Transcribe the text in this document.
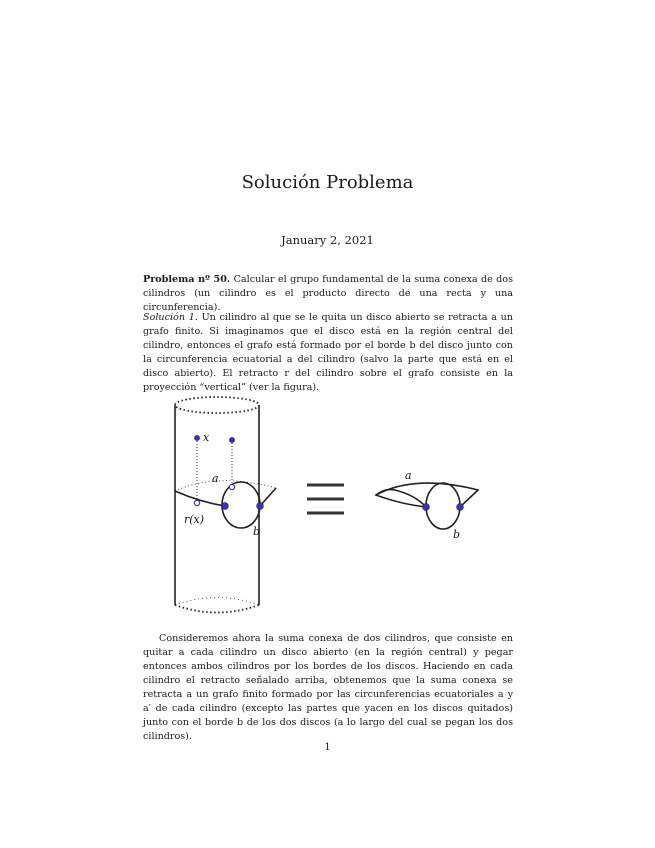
Solución Problema
January 2, 2021
Problema nº 50. Calcular el grupo fundamental de la suma conexa de dos cilindros (un cilindro es el producto directo de una recta y una circunferencia).
Solución 1. Un cilindro al que se le quita un disco abierto se retracta a un grafo finito. Si imaginamos que el disco está en la región central del cilindro, entonces el grafo está formado por el borde b del disco junto con la circunferencia ecuatorial a del cilindro (salvo la parte que está en el disco abierto). El retracto r del cilindro sobre el grafo consiste en la proyección “vertical” (ver la figura).
x
a
r(x)
b
a
b
Consideremos ahora la suma conexa de dos cilindros, que consiste en quitar a cada cilindro un disco abierto (en la región central) y pegar entonces ambos cilindros por los bordes de los discos. Haciendo en cada cilindro el retracto señalado arriba, obtenemos que la suma conexa se retracta a un grafo finito formado por las circunferencias ecuatoriales a y a′ de cada cilindro (excepto las partes que yacen en los discos quitados) junto con el borde b de los dos discos (a lo largo del cual se pegan los dos cilindros).
1
